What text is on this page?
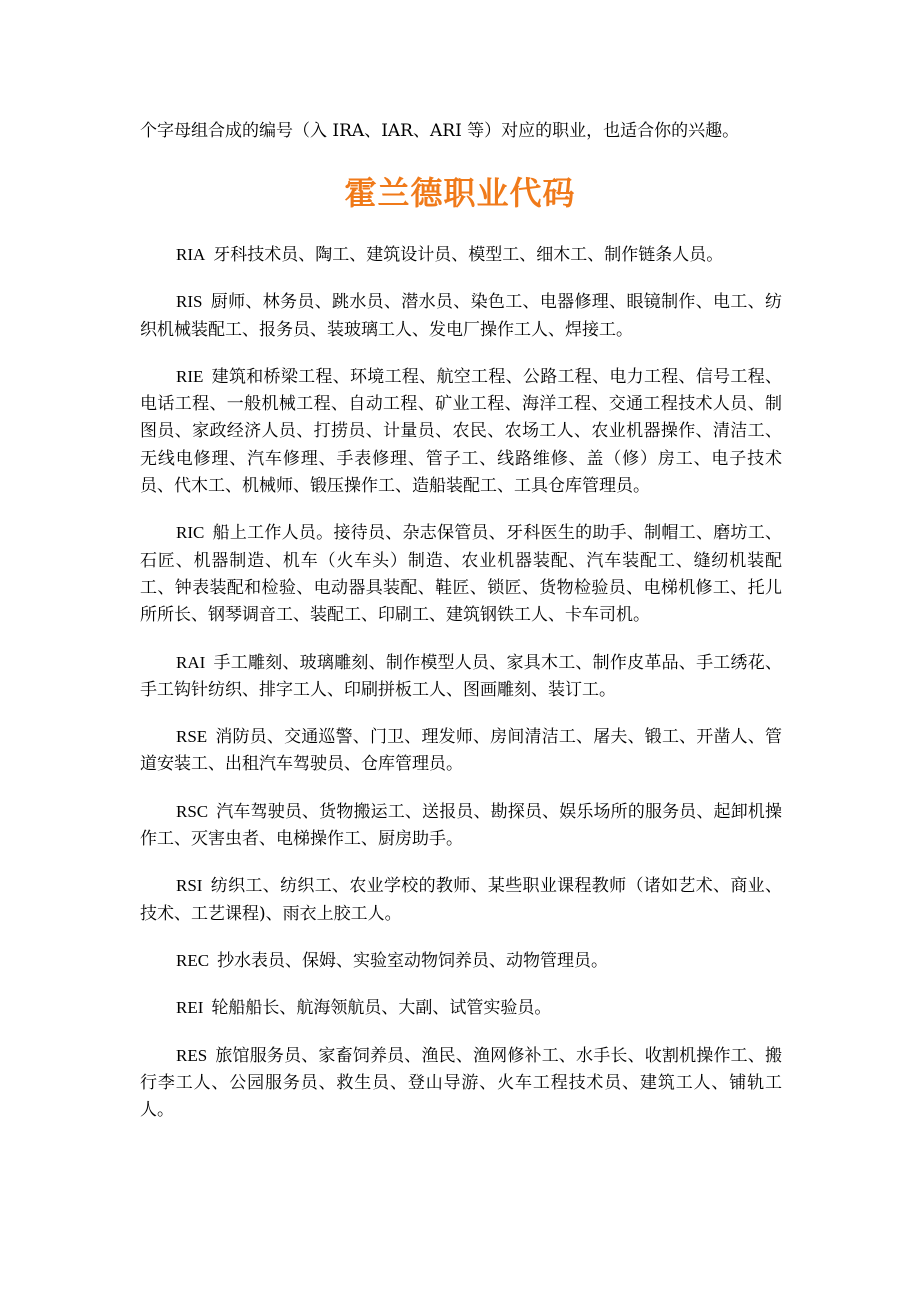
个字母组合成的编号（入 IRA、IAR、ARI 等）对应的职业，也适合你的兴趣。

霍兰德职业代码

RIA 牙科技术员、陶工、建筑设计员、模型工、细木工、制作链条人员。

RIS 厨师、林务员、跳水员、潜水员、染色工、电器修理、眼镜制作、电工、纺织机械装配工、报务员、装玻璃工人、发电厂操作工人、焊接工。

RIE 建筑和桥梁工程、环境工程、航空工程、公路工程、电力工程、信号工程、电话工程、一般机械工程、自动工程、矿业工程、海洋工程、交通工程技术人员、制图员、家政经济人员、打捞员、计量员、农民、农场工人、农业机器操作、清洁工、无线电修理、汽车修理、手表修理、管子工、线路维修、盖（修）房工、电子技术员、代木工、机械师、锻压操作工、造船装配工、工具仓库管理员。

RIC 船上工作人员。接待员、杂志保管员、牙科医生的助手、制帽工、磨坊工、石匠、机器制造、机车（火车头）制造、农业机器装配、汽车装配工、缝纫机装配工、钟表装配和检验、电动器具装配、鞋匠、锁匠、货物检验员、电梯机修工、托儿所所长、钢琴调音工、装配工、印刷工、建筑钢铁工人、卡车司机。

RAI 手工雕刻、玻璃雕刻、制作模型人员、家具木工、制作皮革品、手工绣花、手工钩针纺织、排字工人、印刷拼板工人、图画雕刻、装订工。

RSE 消防员、交通巡警、门卫、理发师、房间清洁工、屠夫、锻工、开凿人、管道安装工、出租汽车驾驶员、仓库管理员。

RSC 汽车驾驶员、货物搬运工、送报员、勘探员、娱乐场所的服务员、起卸机操作工、灭害虫者、电梯操作工、厨房助手。

RSI 纺织工、纺织工、农业学校的教师、某些职业课程教师（诸如艺术、商业、技术、工艺课程)、雨衣上胶工人。

REC 抄水表员、保姆、实验室动物饲养员、动物管理员。

REI 轮船船长、航海领航员、大副、试管实验员。

RES 旅馆服务员、家畜饲养员、渔民、渔网修补工、水手长、收割机操作工、搬行李工人、公园服务员、救生员、登山导游、火车工程技术员、建筑工人、铺轨工人。
